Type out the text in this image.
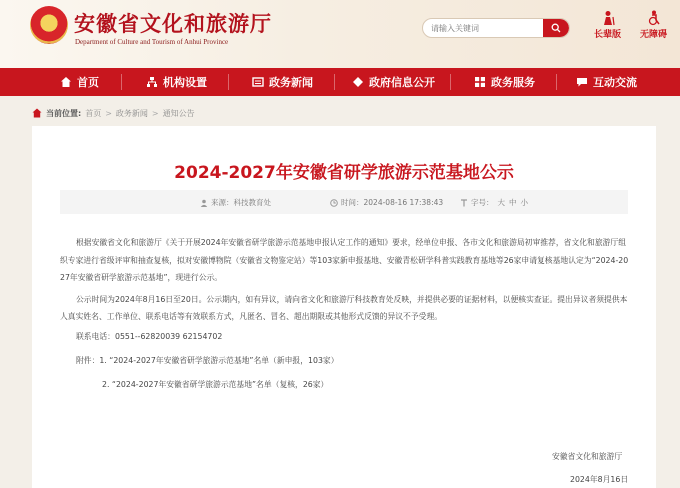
安徽省文化和旅游厅
Department of Culture and Tourism of Anhui Province
请输入关键词
长辈版 无障碍
首页	机构设置	政务新闻	政府信息公开	政务服务	互动交流
当前位置: 首页 > 政务新闻 > 通知公告
2024-2027年安徽省研学旅游示范基地公示
来源：科技教育处	时间：2024-08-16 17:38:43	字号： 大 中 小

根据安徽省文化和旅游厅《关于开展2024年安徽省研学旅游示范基地申报认定工作的通知》要求，经单位申报、各市文化和旅游局初审推荐，省文化和旅游厅组织专家进行省级评审和抽查复核，拟对安徽博物院（安徽省文物鉴定站）等103家新申报基地、安徽青松研学科普实践教育基地等26家申请复核基地认定为“2024-2027年安徽省研学旅游示范基地”，现进行公示。

公示时间为2024年8月16日至20日。公示期内，如有异议，请向省文化和旅游厅科技教育处反映，并提供必要的证据材料，以便核实查证。提出异议者须提供本人真实姓名、工作单位、联系电话等有效联系方式，凡匿名、冒名、超出期限或其他形式反馈的异议不予受理。

联系电话：0551--62820039 62154702
附件：1. “2024-2027年安徽省研学旅游示范基地”名单（新申报，103家）
2. “2024-2027年安徽省研学旅游示范基地”名单（复核，26家）
安徽省文化和旅游厅
2024年8月16日
